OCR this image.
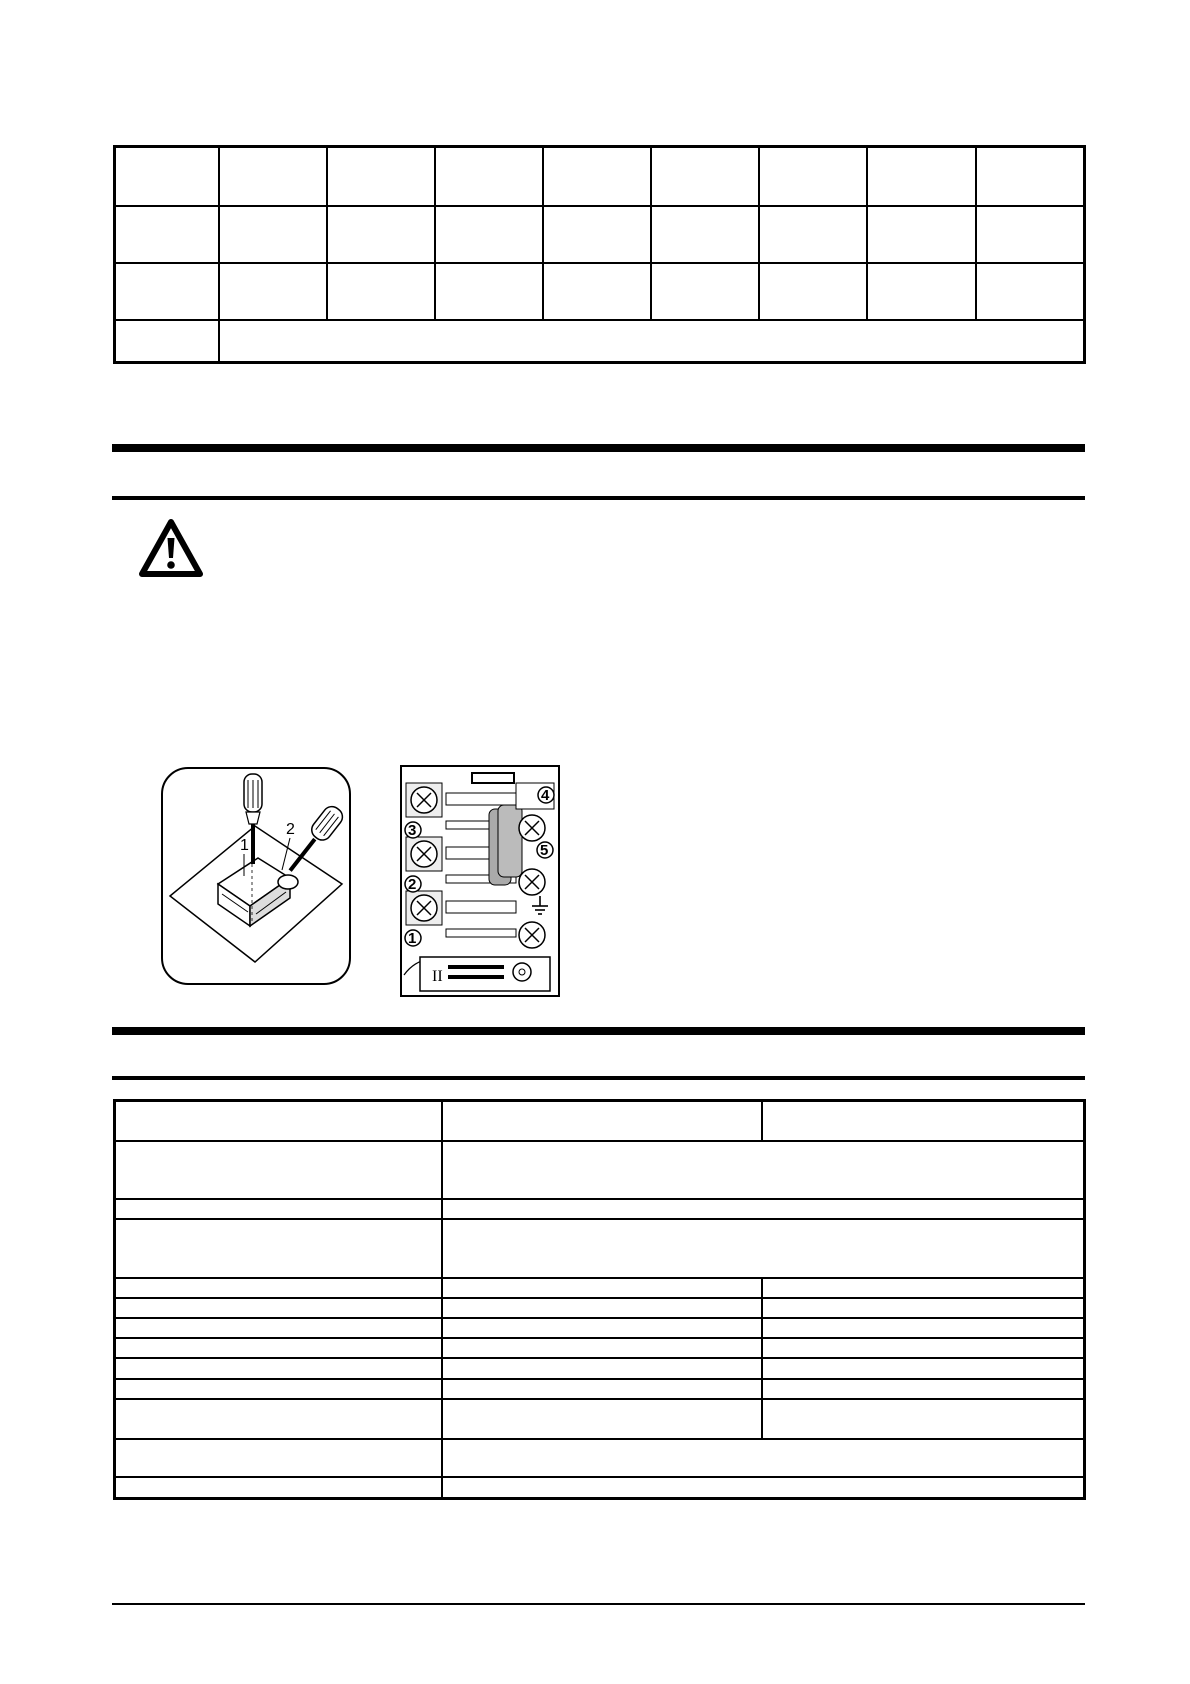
1
2	3
2
1
4
5
II
